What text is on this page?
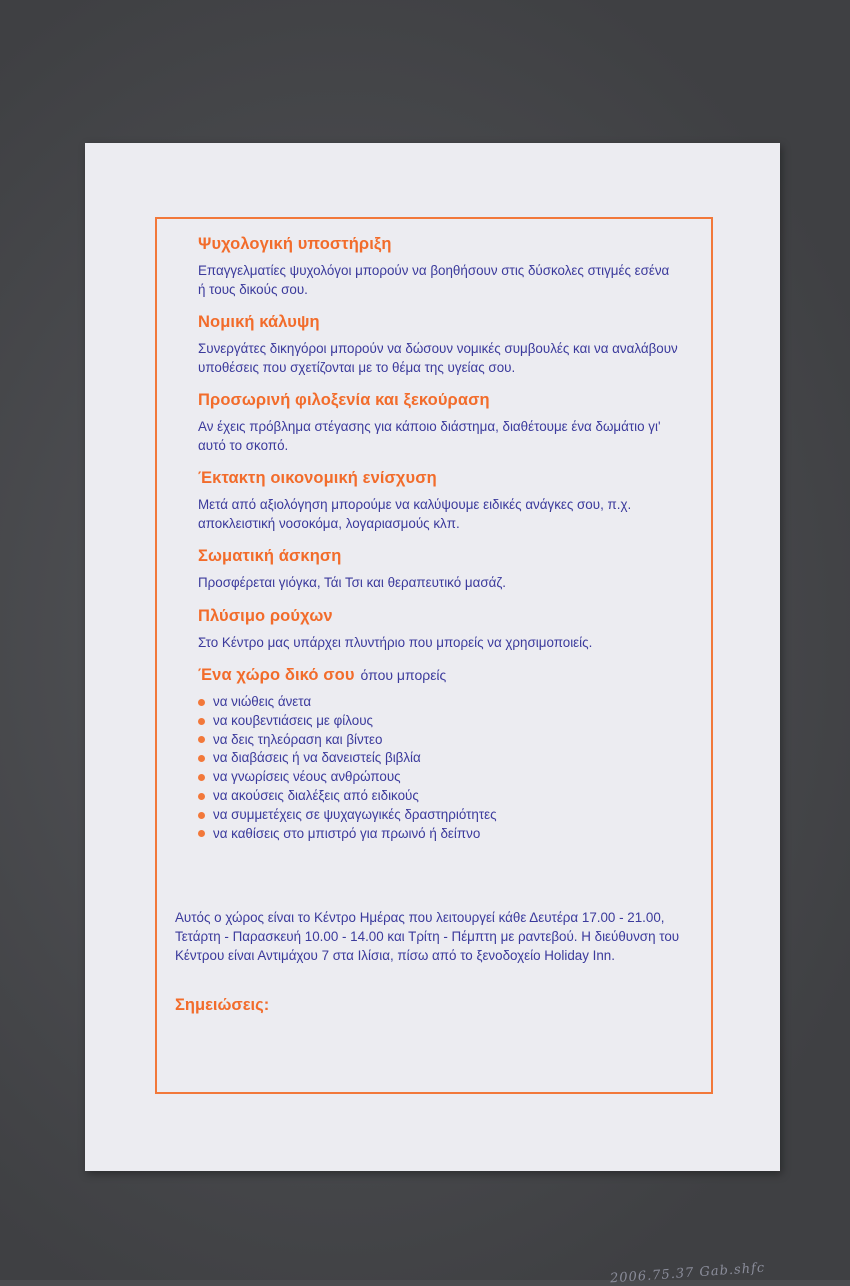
Ψυχολογική υποστήριξη
Επαγγελματίες ψυχολόγοι μπορούν να βοηθήσουν στις δύσκολες στιγμές εσένα ή τους δικούς σου.
Νομική κάλυψη
Συνεργάτες δικηγόροι μπορούν να δώσουν νομικές συμβουλές και να αναλάβουν υποθέσεις που σχετίζονται με το θέμα της υγείας σου.
Προσωρινή φιλοξενία και ξεκούραση
Αν έχεις πρόβλημα στέγασης για κάποιο διάστημα, διαθέτουμε ένα δωμάτιο γι' αυτό το σκοπό.
Έκτακτη οικονομική ενίσχυση
Μετά από αξιολόγηση μπορούμε να καλύψουμε ειδικές ανάγκες σου, π.χ. αποκλειστική νοσοκόμα, λογαριασμούς κλπ.
Σωματική άσκηση
Προσφέρεται γιόγκα, Τάι Τσι και θεραπευτικό μασάζ.
Πλύσιμο ρούχων
Στο Κέντρο μας υπάρχει πλυντήριο που μπορείς να χρησιμοποιείς.
Ένα χώρο δικό σου όπου μπορείς
να νιώθεις άνετα
να κουβεντιάσεις με φίλους
να δεις τηλεόραση και βίντεο
να διαβάσεις ή να δανειστείς βιβλία
να γνωρίσεις νέους ανθρώπους
να ακούσεις διαλέξεις από ειδικούς
να συμμετέχεις σε ψυχαγωγικές δραστηριότητες
να καθίσεις στο μπιστρό για πρωινό ή δείπνο
Αυτός ο χώρος είναι το Κέντρο Ημέρας που λειτουργεί κάθε Δευτέρα 17.00 - 21.00, Τετάρτη - Παρασκευή 10.00 - 14.00 και Τρίτη - Πέμπτη με ραντεβού. Η διεύθυνση του Κέντρου είναι Αντιμάχου 7 στα Ιλίσια, πίσω από το ξενοδοχείο Holiday Inn.
Σημειώσεις:
2006.75.37 Gab.shfc
